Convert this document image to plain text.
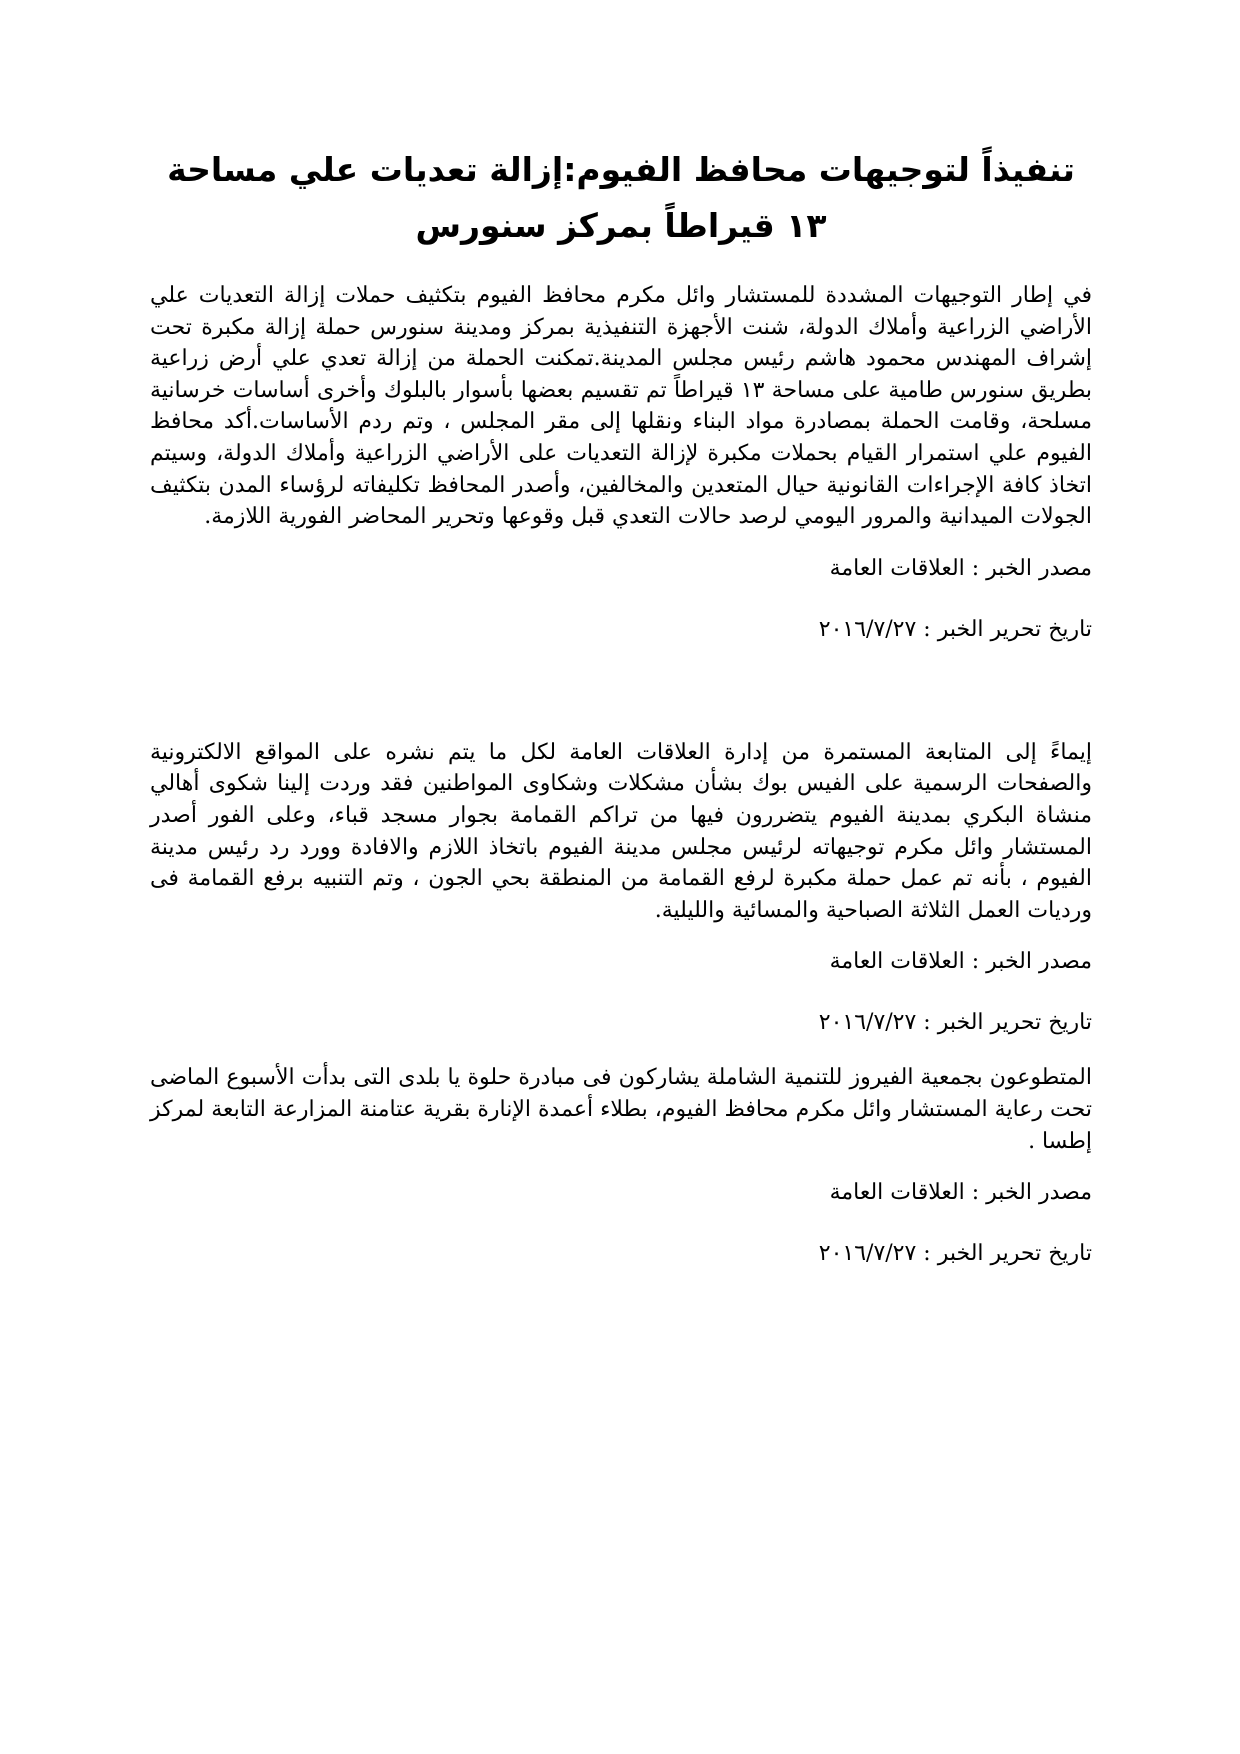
تنفيذاً لتوجيهات محافظ الفيوم:إزالة تعديات علي مساحة ١٣ قيراطاً بمركز سنورس

في إطار التوجيهات المشددة للمستشار وائل مكرم محافظ الفيوم بتكثيف حملات إزالة التعديات علي الأراضي الزراعية وأملاك الدولة، شنت الأجهزة التنفيذية بمركز ومدينة سنورس حملة إزالة مكبرة تحت إشراف المهندس محمود هاشم رئيس مجلس المدينة.تمكنت الحملة من إزالة تعدي علي أرض زراعية بطريق سنورس طامية على مساحة ١٣ قيراطاً تم تقسيم بعضها بأسوار بالبلوك وأخرى أساسات خرسانية مسلحة، وقامت الحملة بمصادرة مواد البناء ونقلها إلى مقر المجلس ، وتم ردم الأساسات.أكد محافظ الفيوم علي استمرار القيام بحملات مكبرة لإزالة التعديات على الأراضي الزراعية وأملاك الدولة، وسيتم اتخاذ كافة الإجراءات القانونية حيال المتعدين والمخالفين، وأصدر المحافظ تكليفاته لرؤساء المدن بتكثيف الجولات الميدانية والمرور اليومي لرصد حالات التعدي قبل وقوعها وتحرير المحاضر الفورية اللازمة.

مصدر الخبر : العلاقات العامة

تاريخ تحرير الخبر : ٢٠١٦/٧/٢٧

إيماءً إلى المتابعة المستمرة من إدارة العلاقات العامة لكل ما يتم نشره على المواقع الالكترونية والصفحات الرسمية على الفيس بوك بشأن مشكلات وشكاوى المواطنين فقد وردت إلينا شكوى أهالي منشاة البكري بمدينة الفيوم يتضررون فيها من تراكم القمامة بجوار مسجد قباء، وعلى الفور أصدر المستشار وائل مكرم توجيهاته لرئيس مجلس مدينة الفيوم باتخاذ اللازم والافادة وورد رد رئيس مدينة الفيوم ، بأنه تم عمل حملة مكبرة لرفع القمامة من المنطقة بحي الجون ، وتم التنبيه برفع القمامة فى ورديات العمل الثلاثة الصباحية والمسائية والليلية.

مصدر الخبر : العلاقات العامة

تاريخ تحرير الخبر : ٢٠١٦/٧/٢٧

المتطوعون بجمعية الفيروز للتنمية الشاملة يشاركون فى مبادرة حلوة يا بلدى التى بدأت الأسبوع الماضى تحت رعاية المستشار وائل مكرم محافظ الفيوم، بطلاء أعمدة الإنارة بقرية عتامنة المزارعة التابعة لمركز إطسا .

مصدر الخبر : العلاقات العامة

تاريخ تحرير الخبر : ٢٠١٦/٧/٢٧
